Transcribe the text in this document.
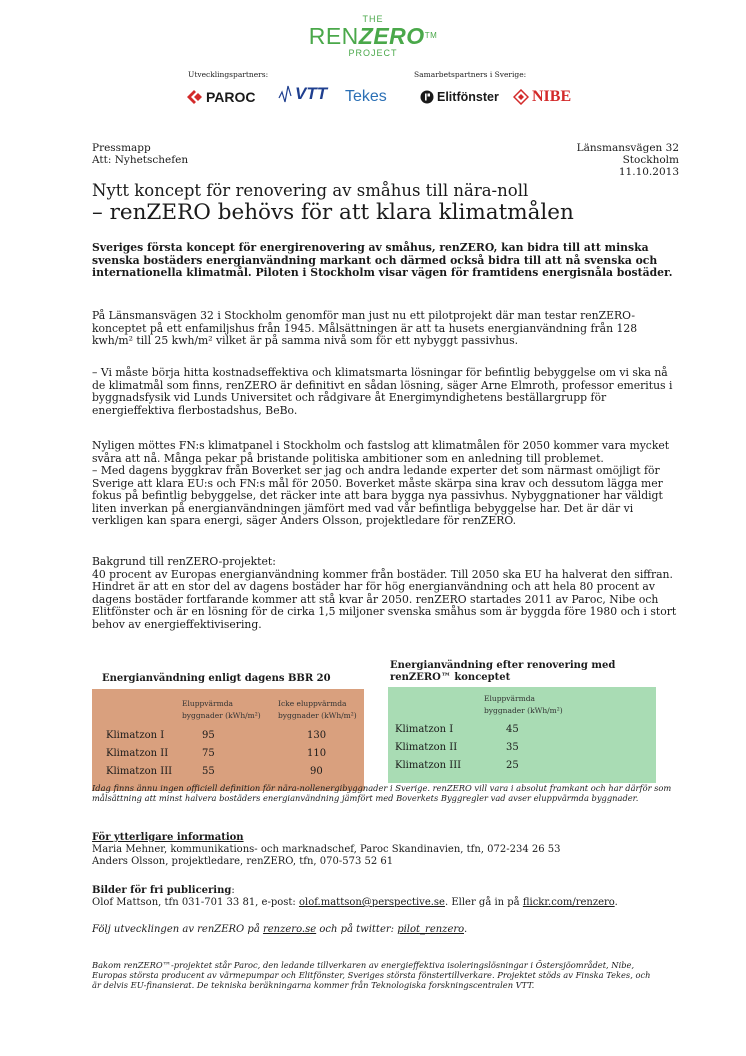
THE
RENZERO™
PROJECT
Utvecklingspartners:	Samarbetspartners i Sverige:
PAROC VTT Tekes	Elitfönster NIBE
Pressmapp
Att: Nyhetschefen
Länsmansvägen 32
Stockholm
11.10.2013
Nytt koncept för renovering av småhus till nära-noll
– renZERO behövs för att klara klimatmålen
Sveriges första koncept för energirenovering av småhus, renZERO, kan bidra till att minska svenska bostäders energianvändning markant och därmed också bidra till att nå svenska och internationella klimatmål. Piloten i Stockholm visar vägen för framtidens energisnåla bostäder.
På Länsmansvägen 32 i Stockholm genomför man just nu ett pilotprojekt där man testar renZERO-konceptet på ett enfamiljshus från 1945. Målsättningen är att ta husets energianvändning från 128 kwh/m² till 25 kwh/m² vilket är på samma nivå som för ett nybyggt passivhus.
– Vi måste börja hitta kostnadseffektiva och klimatsmarta lösningar för befintlig bebyggelse om vi ska nå de klimatmål som finns, renZERO är definitivt en sådan lösning, säger Arne Elmroth, professor emeritus i byggnadsfysik vid Lunds Universitet och rådgivare åt Energimyndighetens beställargrupp för energieffektiva flerbostadshus, BeBo.
Nyligen möttes FN:s klimatpanel i Stockholm och fastslog att klimatmålen för 2050 kommer vara mycket svåra att nå. Många pekar på bristande politiska ambitioner som en anledning till problemet.
– Med dagens byggkrav från Boverket ser jag och andra ledande experter det som närmast omöjligt för Sverige att klara EU:s och FN:s mål för 2050. Boverket måste skärpa sina krav och dessutom lägga mer fokus på befintlig bebyggelse, det räcker inte att bara bygga nya passivhus. Nybyggnationer har väldigt liten inverkan på energianvändningen jämfört med vad vår befintliga bebyggelse har. Det är där vi verkligen kan spara energi, säger Anders Olsson, projektledare för renZERO.
Bakgrund till renZERO-projektet:
40 procent av Europas energianvändning kommer från bostäder. Till 2050 ska EU ha halverat den siffran. Hindret är att en stor del av dagens bostäder har för hög energianvändning och att hela 80 procent av dagens bostäder fortfarande kommer att stå kvar år 2050. renZERO startades 2011 av Paroc, Nibe och Elitfönster och är en lösning för de cirka 1,5 miljoner svenska småhus som är byggda före 1980 och i stort behov av energieffektivisering.
Energianvändning enligt dagens BBR 20
Eluppvärmda
byggnader (kWh/m²)
Icke eluppvärmda
byggnader (kWh/m²)
Klimatzon I	95	130
Klimatzon II	75	110
Klimatzon III	55	90
Energianvändning efter renovering med
renZERO™ konceptet
Eluppvärmda
byggnader (kWh/m²)
Klimatzon I	45
Klimatzon II	35
Klimatzon III	25
Idag finns ännu ingen officiell definition för nära-nollenergibyggnader i Sverige. renZERO vill vara i absolut framkant och har därför som målsättning att minst halvera bostäders energianvändning jämfört med Boverkets Byggregler vad avser eluppvärmda byggnader.
För ytterligare information
Maria Mehner, kommunikations- och marknadschef, Paroc Skandinavien, tfn, 072-234 26 53
Anders Olsson, projektledare, renZERO, tfn, 070-573 52 61
Bilder för fri publicering:
Olof Mattson, tfn 031-701 33 81, e-post: olof.mattson@perspective.se. Eller gå in på flickr.com/renzero.
Följ utvecklingen av renZERO på renzero.se och på twitter: pilot_renzero.
Bakom renZERO™-projektet står Paroc, den ledande tillverkaren av energieffektiva isoleringslösningar i Östersjöområdet, Nibe, Europas största producent av värmepumpar och Elitfönster, Sveriges största fönstertillverkare. Projektet stöds av Finska Tekes, och är delvis EU-finansierat. De tekniska beräkningarna kommer från Teknologiska forskningscentralen VTT.
